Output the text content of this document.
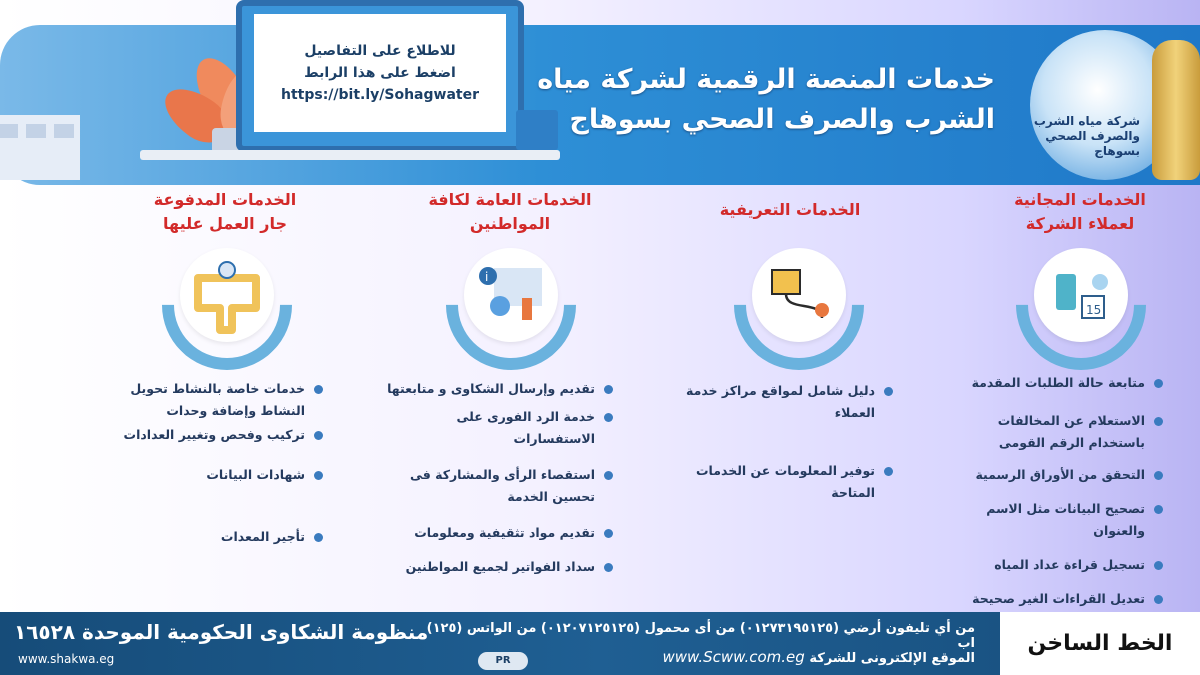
للاطلاع على التفاصيل
اضغط على هذا الرابط
https://bit.ly/Sohagwater	خدمات المنصة الرقمية لشركة مياه
الشرب والصرف الصحي بسوهاج	شركة مياه الشرب
والصرف الصحي بسوهاج
الخدمات المجانية
لعملاء الشركة
15
متابعة حالة الطلبات المقدمة
الاستعلام عن المخالفات باستخدام الرقم القومى
التحقق من الأوراق الرسمية
تصحيح البيانات مثل الاسم والعنوان
تسجيل قراءة عداد المياه
تعديل القراءات الغير صحيحة
الخدمات التعريفية
دليل شامل لمواقع مراكز خدمة العملاء
توفير المعلومات عن الخدمات المتاحة
الخدمات العامة لكافة
المواطنين
i
تقديم وإرسال الشكاوى و متابعتها
خدمة الرد الفورى على الاستفسارات
استقصاء الرأى والمشاركة فى تحسين الخدمة
تقديم مواد تثقيفية ومعلومات
سداد الفواتير لجميع المواطنين
الخدمات المدفوعة
جار العمل عليها
خدمات خاصة بالنشاط تحويل النشاط وإضافة وحدات
تركيب وفحص وتغيير العدادات
شهادات البيانات
تأجير المعدات
منظومة الشكاوى الحكومية الموحدة ١٦٥٢٨
www.shakwa.eg
(١٢٥) من أي تليفون أرضي (٠١٢٧٣١٩٥١٢٥) من أى محمول (٠١٢٠٧١٢٥١٢٥) من الواتس اب
www.Scww.com.eg الموقع الإلكترونى للشركة
PR
الخط الساخن
